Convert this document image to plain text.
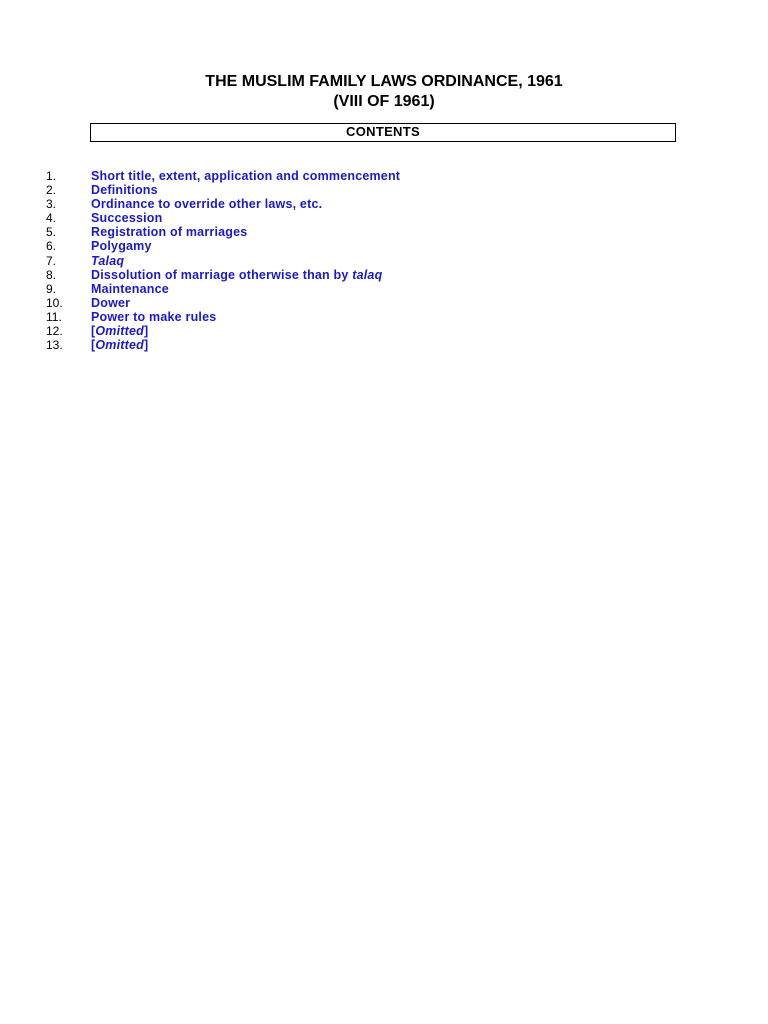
THE MUSLIM FAMILY LAWS ORDINANCE, 1961
(VIII OF 1961)
CONTENTS
1.	Short title, extent, application and commencement
2.	Definitions
3.	Ordinance to override other laws, etc.
4.	Succession
5.	Registration of marriages
6.	Polygamy
7.	Talaq
8.	Dissolution of marriage otherwise than by talaq
9.	Maintenance
10. Dower
11. Power to make rules
12. [Omitted]
13. [Omitted]
